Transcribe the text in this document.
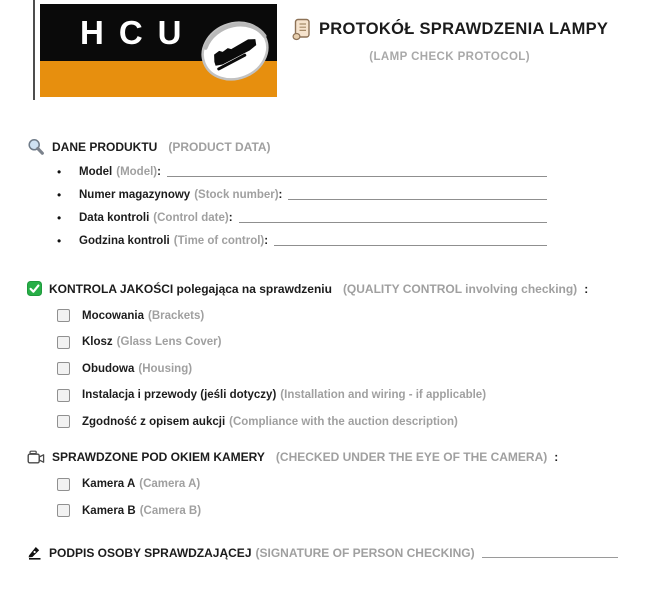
HCU	PROTOKÓŁ SPRAWDZENIA LAMPY
(LAMP CHECK PROTOCOL)
DANE PRODUKTU (PRODUCT DATA)
•	Model (Model) :
•	Numer magazynowy (Stock number) :
•	Data kontroli (Control date) :
•	Godzina kontroli (Time of control) :
KONTROLA JAKOŚCI polegająca na sprawdzeniu (QUALITY CONTROL involving checking) :
Mocowania (Brackets)
Klosz (Glass Lens Cover)
Obudowa (Housing)
Instalacja i przewody (jeśli dotyczy) (Installation and wiring - if applicable)
Zgodność z opisem aukcji (Compliance with the auction description)
SPRAWDZONE POD OKIEM KAMERY (CHECKED UNDER THE EYE OF THE CAMERA) :
Kamera A (Camera A)
Kamera B (Camera B)
PODPIS OSOBY SPRAWDZAJĄCEJ (SIGNATURE OF PERSON CHECKING)
